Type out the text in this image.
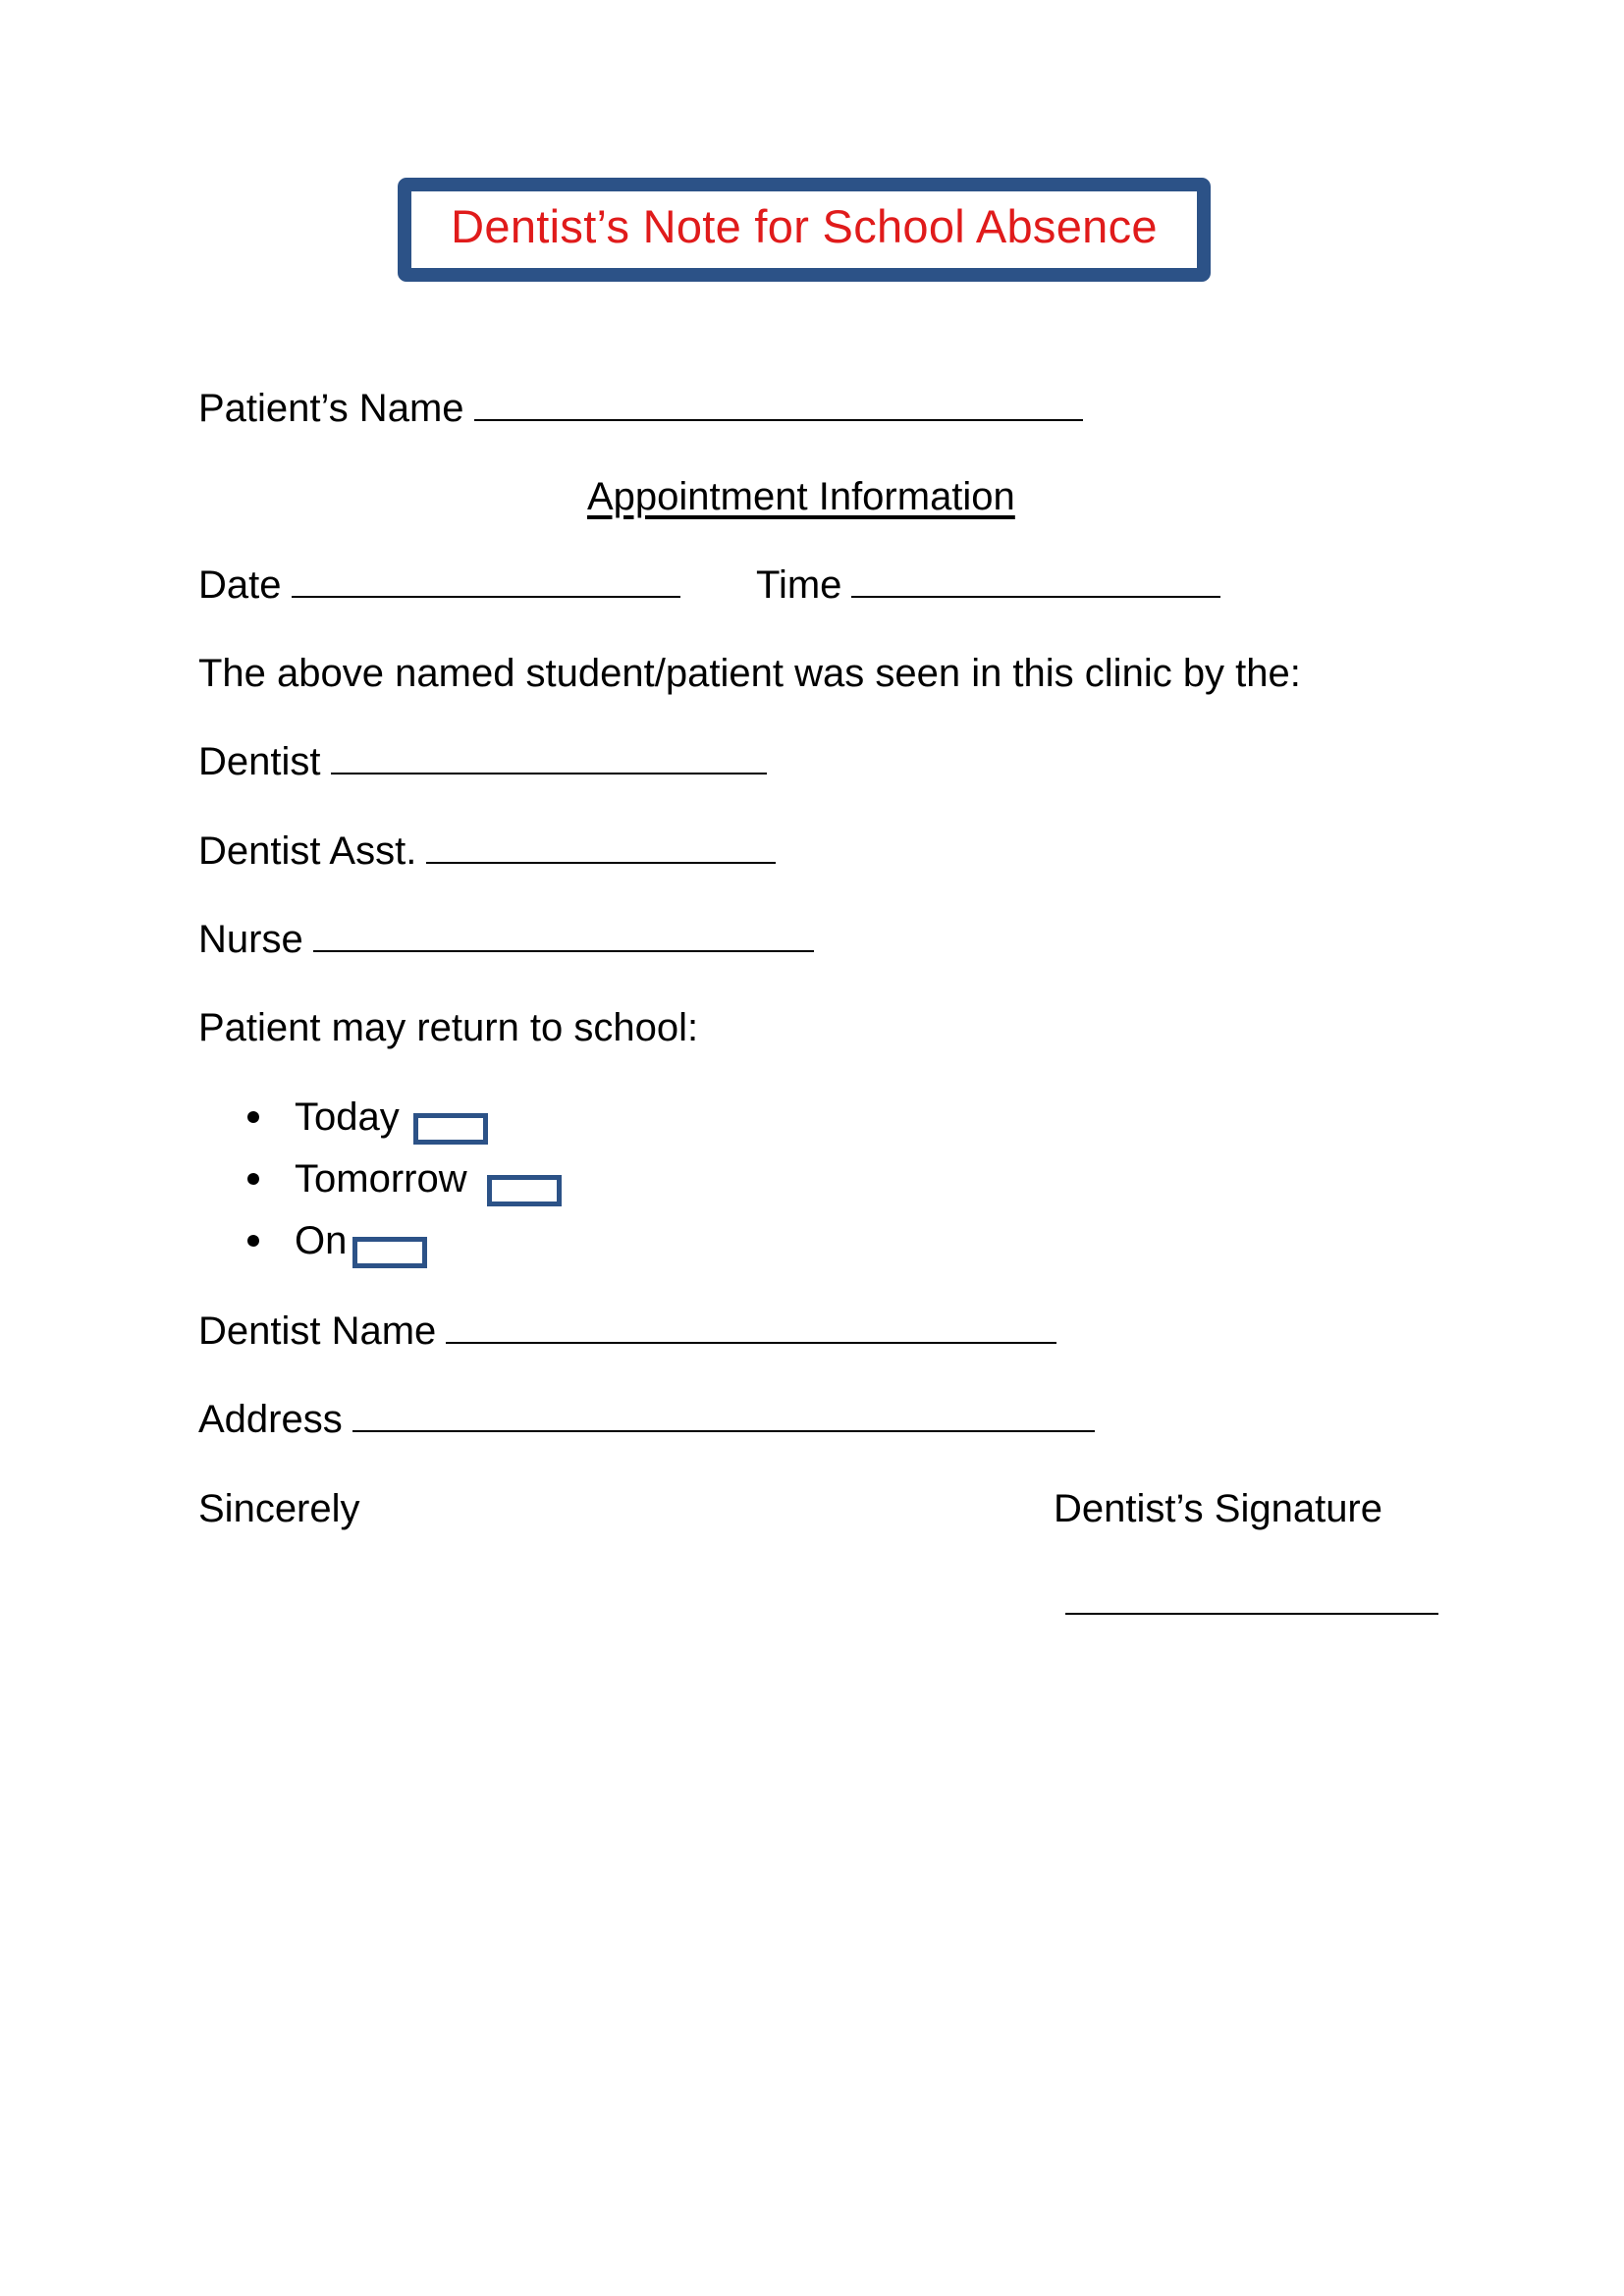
Dentist’s Note for School Absence
Patient’s Name
Appointment Information
Date	Time
The above named student/patient was seen in this clinic by the:
Dentist
Dentist Asst.
Nurse
Patient may return to school:
Today
Tomorrow
On
Dentist Name
Address
Sincerely	Dentist’s Signature
